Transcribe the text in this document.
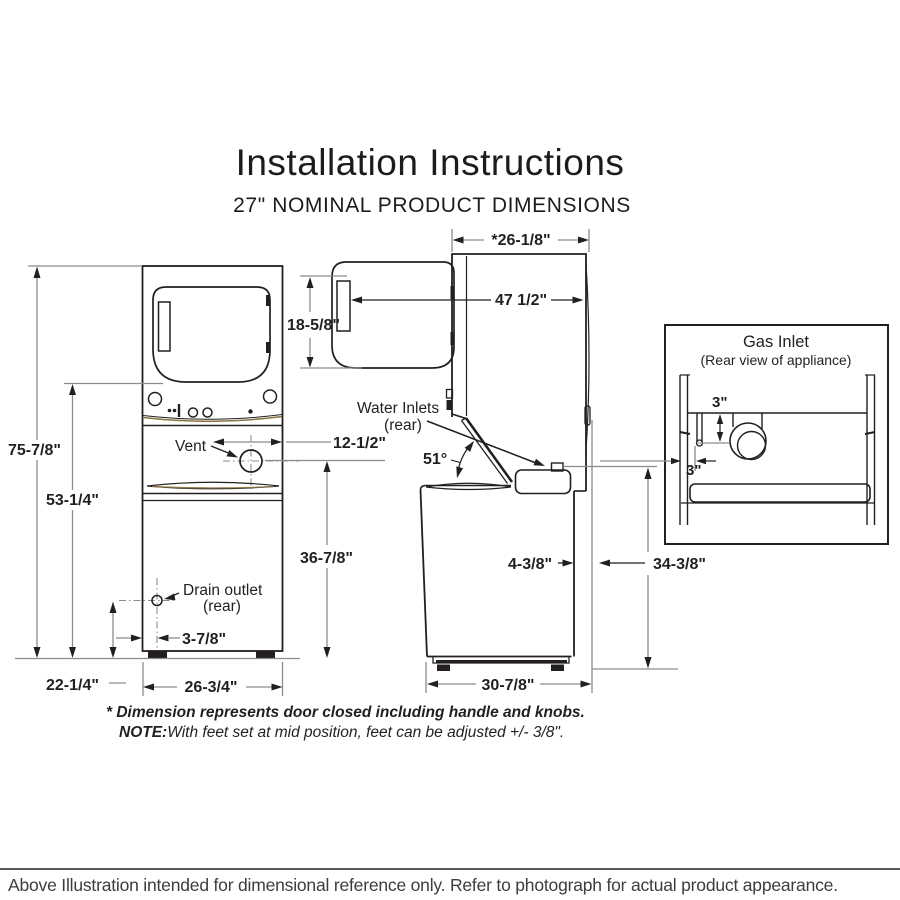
75-7/8"
53-1/4"
22-1/4"	26-3/4"
12-1/2"
36-7/8"
Vent
Drain outlet
(rear)
3-7/8"
*26-1/8"
18-5/8"
47 1/2"
Water Inlets
(rear)
51°
4-3/8"	34-3/8"
30-7/8"
Gas Inlet
(Rear view of appliance)
3"
3"
Installation Instructions
27" NOMINAL PRODUCT DIMENSIONS
* Dimension represents door closed including handle and knobs.
NOTE:With feet set at mid position, feet can be adjusted +/- 3/8".
Above Illustration intended for dimensional reference only. Refer to photograph for actual product appearance.
